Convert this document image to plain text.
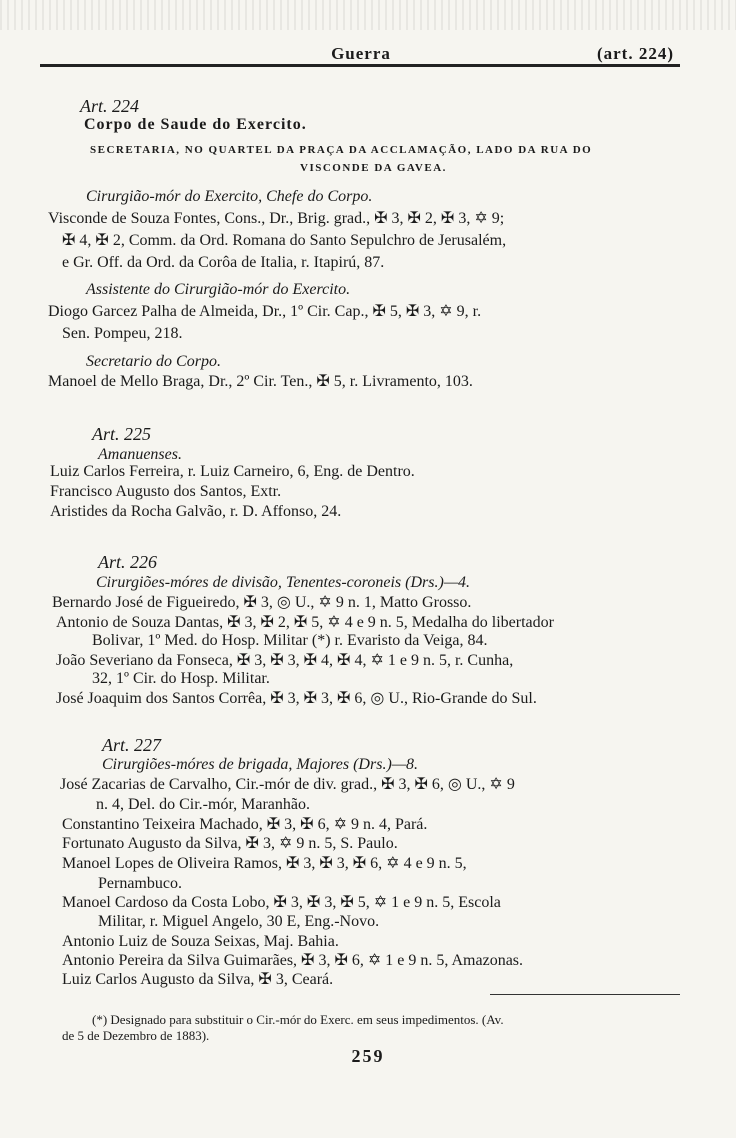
Guerra	(art. 224)
Art. 224
Corpo de Saude do Exercito.
SECRETARIA, NO QUARTEL DA PRAÇA DA ACCLAMAÇÃO, LADO DA RUA DO
VISCONDE DA GAVEA.
Cirurgião-mór do Exercito, Chefe do Corpo.
Visconde de Souza Fontes, Cons., Dr., Brig. grad., ✠ 3, ✠ 2, ✠ 3, ✡ 9;
✠ 4, ✠ 2, Comm. da Ord. Romana do Santo Sepulchro de Jerusalém,
e Gr. Off. da Ord. da Corôa de Italia, r. Itapirú, 87.
Assistente do Cirurgião-mór do Exercito.
Diogo Garcez Palha de Almeida, Dr., 1º Cir. Cap., ✠ 5, ✠ 3, ✡ 9, r.
Sen. Pompeu, 218.
Secretario do Corpo.
Manoel de Mello Braga, Dr., 2º Cir. Ten., ✠ 5, r. Livramento, 103.
Art. 225
Amanuenses.
Luiz Carlos Ferreira, r. Luiz Carneiro, 6, Eng. de Dentro.
Francisco Augusto dos Santos, Extr.
Aristides da Rocha Galvão, r. D. Affonso, 24.
Art. 226
Cirurgiões-móres de divisão, Tenentes-coroneis (Drs.)—4.
Bernardo José de Figueiredo, ✠ 3, ◎ U., ✡ 9 n. 1, Matto Grosso.
Antonio de Souza Dantas, ✠ 3, ✠ 2, ✠ 5, ✡ 4 e 9 n. 5, Medalha do libertador
Bolivar, 1º Med. do Hosp. Militar (*) r. Evaristo da Veiga, 84.
João Severiano da Fonseca, ✠ 3, ✠ 3, ✠ 4, ✠ 4, ✡ 1 e 9 n. 5, r. Cunha,
32, 1º Cir. do Hosp. Militar.
José Joaquim dos Santos Corrêa, ✠ 3, ✠ 3, ✠ 6, ◎ U., Rio-Grande do Sul.
Art. 227
Cirurgiões-móres de brigada, Majores (Drs.)—8.
José Zacarias de Carvalho, Cir.-mór de div. grad., ✠ 3, ✠ 6, ◎ U., ✡ 9
n. 4, Del. do Cir.-mór, Maranhão.
Constantino Teixeira Machado, ✠ 3, ✠ 6, ✡ 9 n. 4, Pará.
Fortunato Augusto da Silva, ✠ 3, ✡ 9 n. 5, S. Paulo.
Manoel Lopes de Oliveira Ramos, ✠ 3, ✠ 3, ✠ 6, ✡ 4 e 9 n. 5,
Pernambuco.
Manoel Cardoso da Costa Lobo, ✠ 3, ✠ 3, ✠ 5, ✡ 1 e 9 n. 5, Escola
Militar, r. Miguel Angelo, 30 E, Eng.-Novo.
Antonio Luiz de Souza Seixas, Maj. Bahia.
Antonio Pereira da Silva Guimarães, ✠ 3, ✠ 6, ✡ 1 e 9 n. 5, Amazonas.
Luiz Carlos Augusto da Silva, ✠ 3, Ceará.
(*) Designado para substituir o Cir.-mór do Exerc. em seus impedimentos. (Av.
de 5 de Dezembro de 1883).
259
